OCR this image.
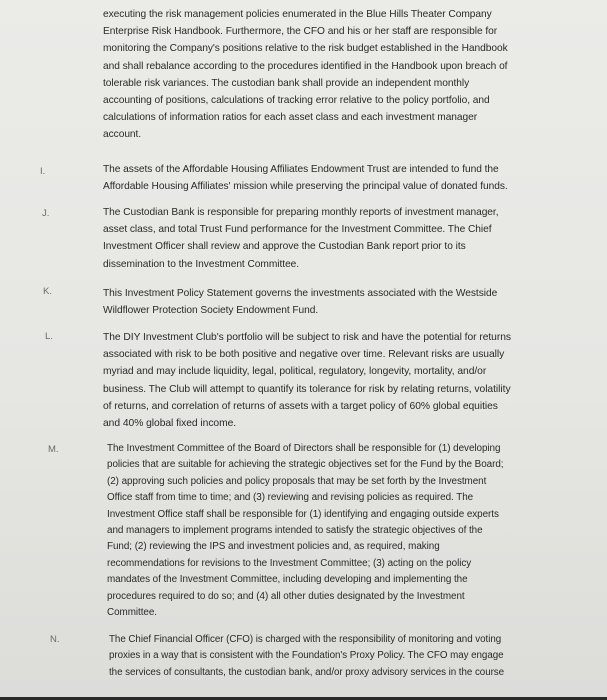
executing the risk management policies enumerated in the Blue Hills Theater Company
Enterprise Risk Handbook. Furthermore, the CFO and his or her staff are responsible for
monitoring the Company's positions relative to the risk budget established in the Handbook
and shall rebalance according to the procedures identified in the Handbook upon breach of
tolerable risk variances. The custodian bank shall provide an independent monthly
accounting of positions, calculations of tracking error relative to the policy portfolio, and
calculations of information ratios for each asset class and each investment manager
account.
I.	The assets of the Affordable Housing Affiliates Endowment Trust are intended to fund the
Affordable Housing Affiliates' mission while preserving the principal value of donated funds.
J.	The Custodian Bank is responsible for preparing monthly reports of investment manager,
asset class, and total Trust Fund performance for the Investment Committee. The Chief
Investment Officer shall review and approve the Custodian Bank report prior to its
dissemination to the Investment Committee.
K.	This Investment Policy Statement governs the investments associated with the Westside
Wildflower Protection Society Endowment Fund.
L.	The DIY Investment Club's portfolio will be subject to risk and have the potential for returns
associated with risk to be both positive and negative over time. Relevant risks are usually
myriad and may include liquidity, legal, political, regulatory, longevity, mortality, and/or
business. The Club will attempt to quantify its tolerance for risk by relating returns, volatility
of returns, and correlation of returns of assets with a target policy of 60% global equities
and 40% global fixed income.
M.	The Investment Committee of the Board of Directors shall be responsible for (1) developing
policies that are suitable for achieving the strategic objectives set for the Fund by the Board;
(2) approving such policies and policy proposals that may be set forth by the Investment
Office staff from time to time; and (3) reviewing and revising policies as required. The
Investment Office staff shall be responsible for (1) identifying and engaging outside experts
and managers to implement programs intended to satisfy the strategic objectives of the
Fund; (2) reviewing the IPS and investment policies and, as required, making
recommendations for revisions to the Investment Committee; (3) acting on the policy
mandates of the Investment Committee, including developing and implementing the
procedures required to do so; and (4) all other duties designated by the Investment
Committee.
N.	The Chief Financial Officer (CFO) is charged with the responsibility of monitoring and voting
proxies in a way that is consistent with the Foundation's Proxy Policy. The CFO may engage
the services of consultants, the custodian bank, and/or proxy advisory services in the course
